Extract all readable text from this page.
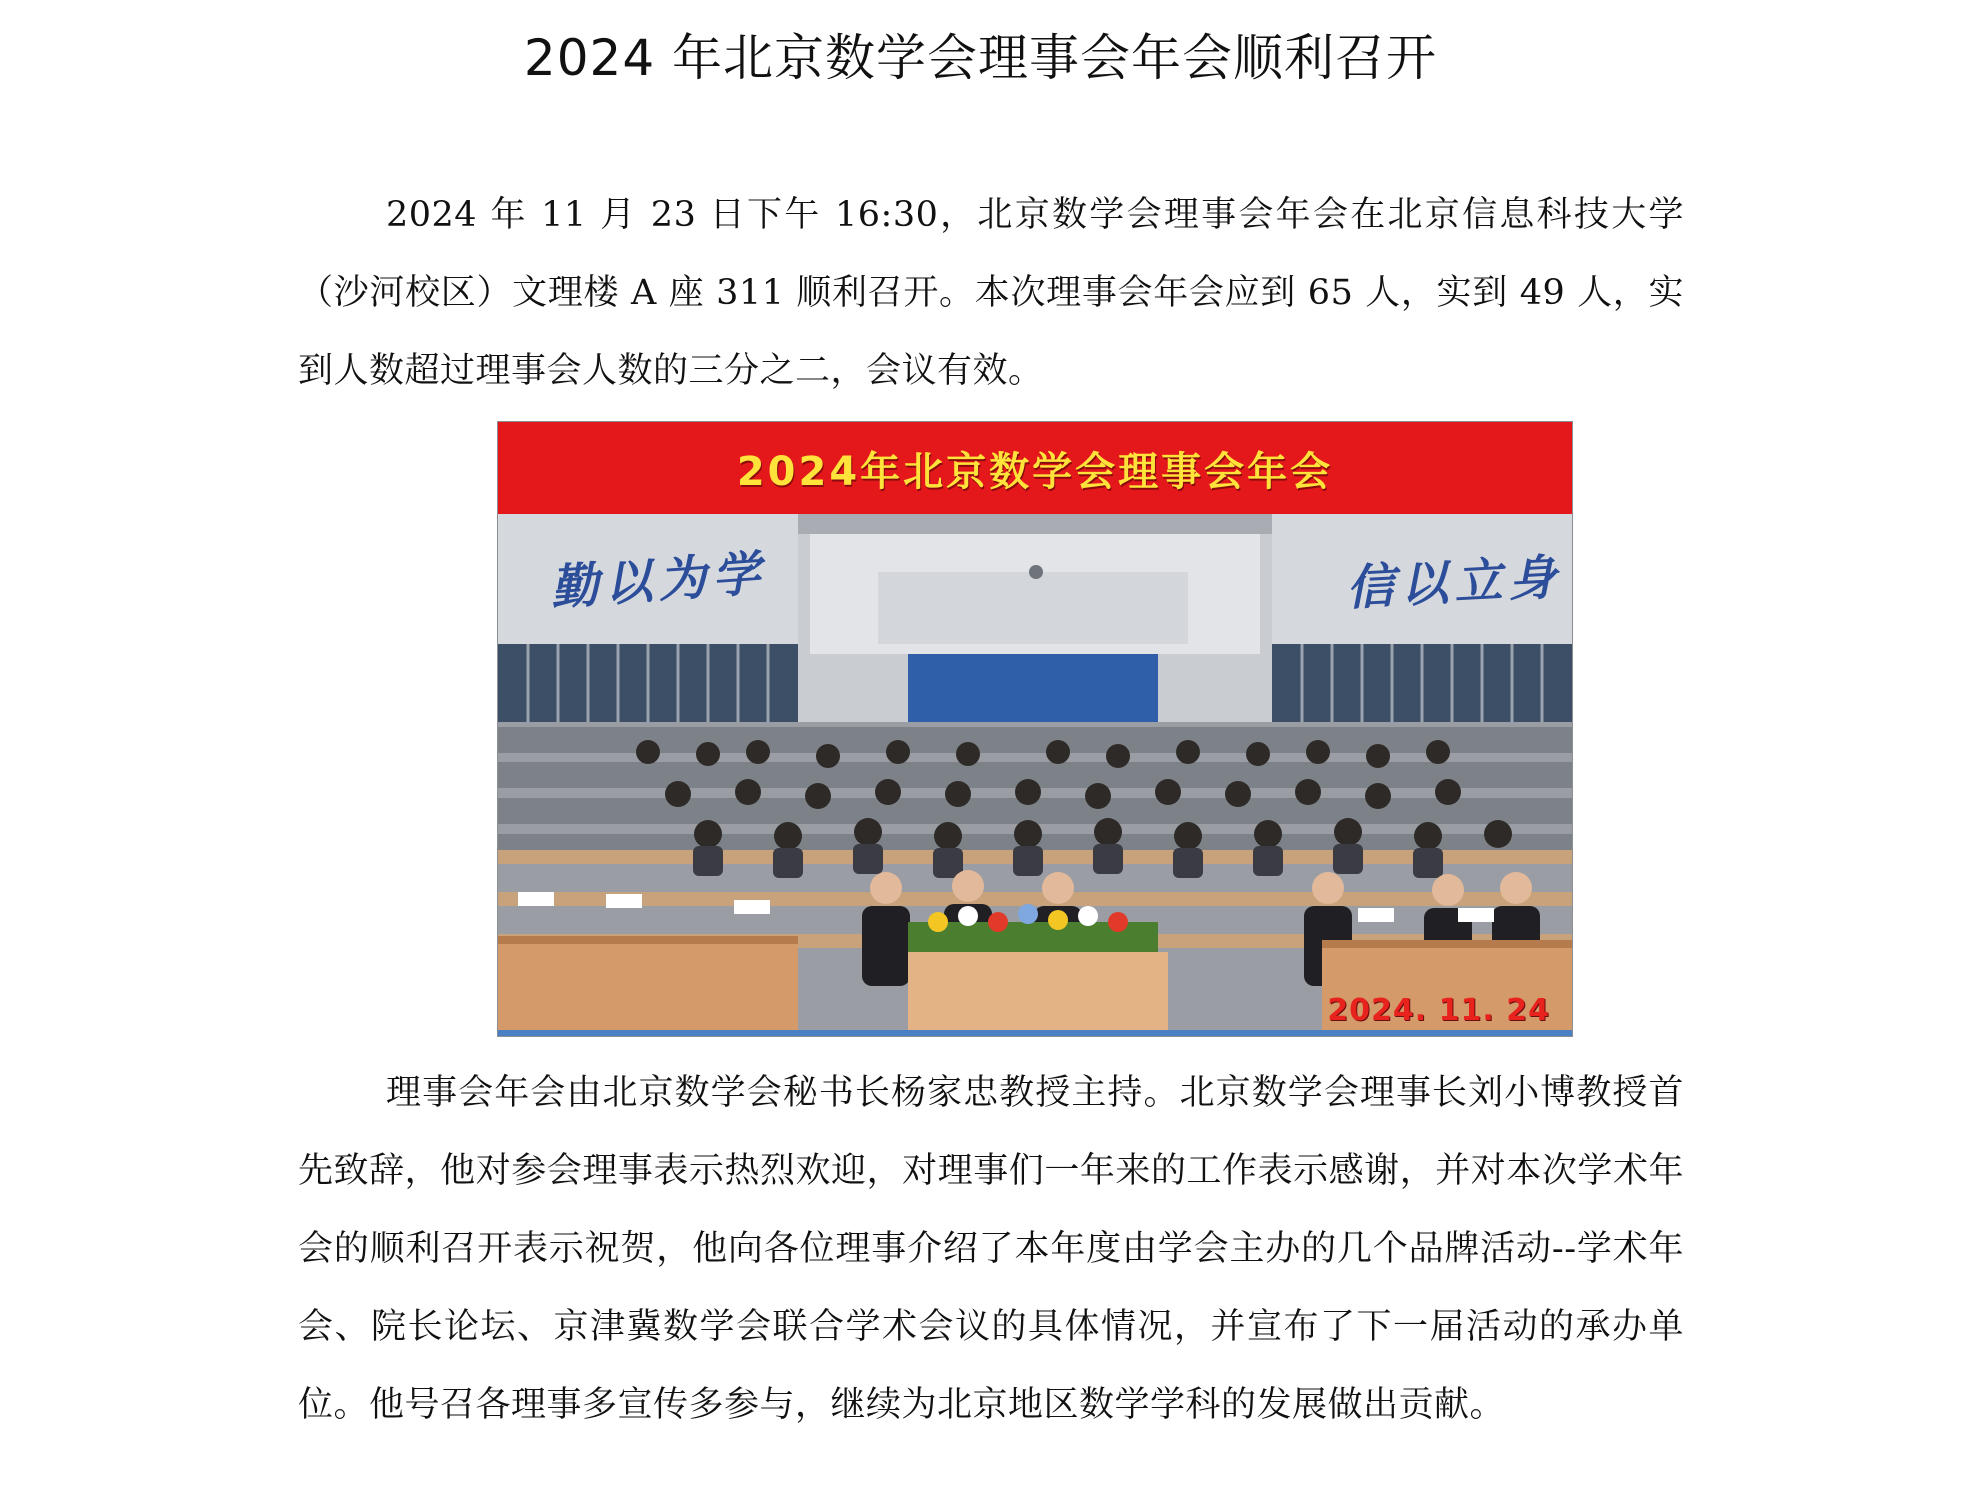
2024 年北京数学会理事会年会顺利召开

2024 年 11 月 23 日下午 16:30，北京数学会理事会年会在北京信息科技大学（沙河校区）文理楼 A 座 311 顺利召开。本次理事会年会应到 65 人，实到 49 人，实到人数超过理事会人数的三分之二，会议有效。

2024年北京数学会理事会年会
勤以为学	信以立身
2024. 11. 24

理事会年会由北京数学会秘书长杨家忠教授主持。北京数学会理事长刘小博教授首先致辞，他对参会理事表示热烈欢迎，对理事们一年来的工作表示感谢，并对本次学术年会的顺利召开表示祝贺，他向各位理事介绍了本年度由学会主办的几个品牌活动--学术年会、院长论坛、京津冀数学会联合学术会议的具体情况，并宣布了下一届活动的承办单位。他号召各理事多宣传多参与，继续为北京地区数学学科的发展做出贡献。
